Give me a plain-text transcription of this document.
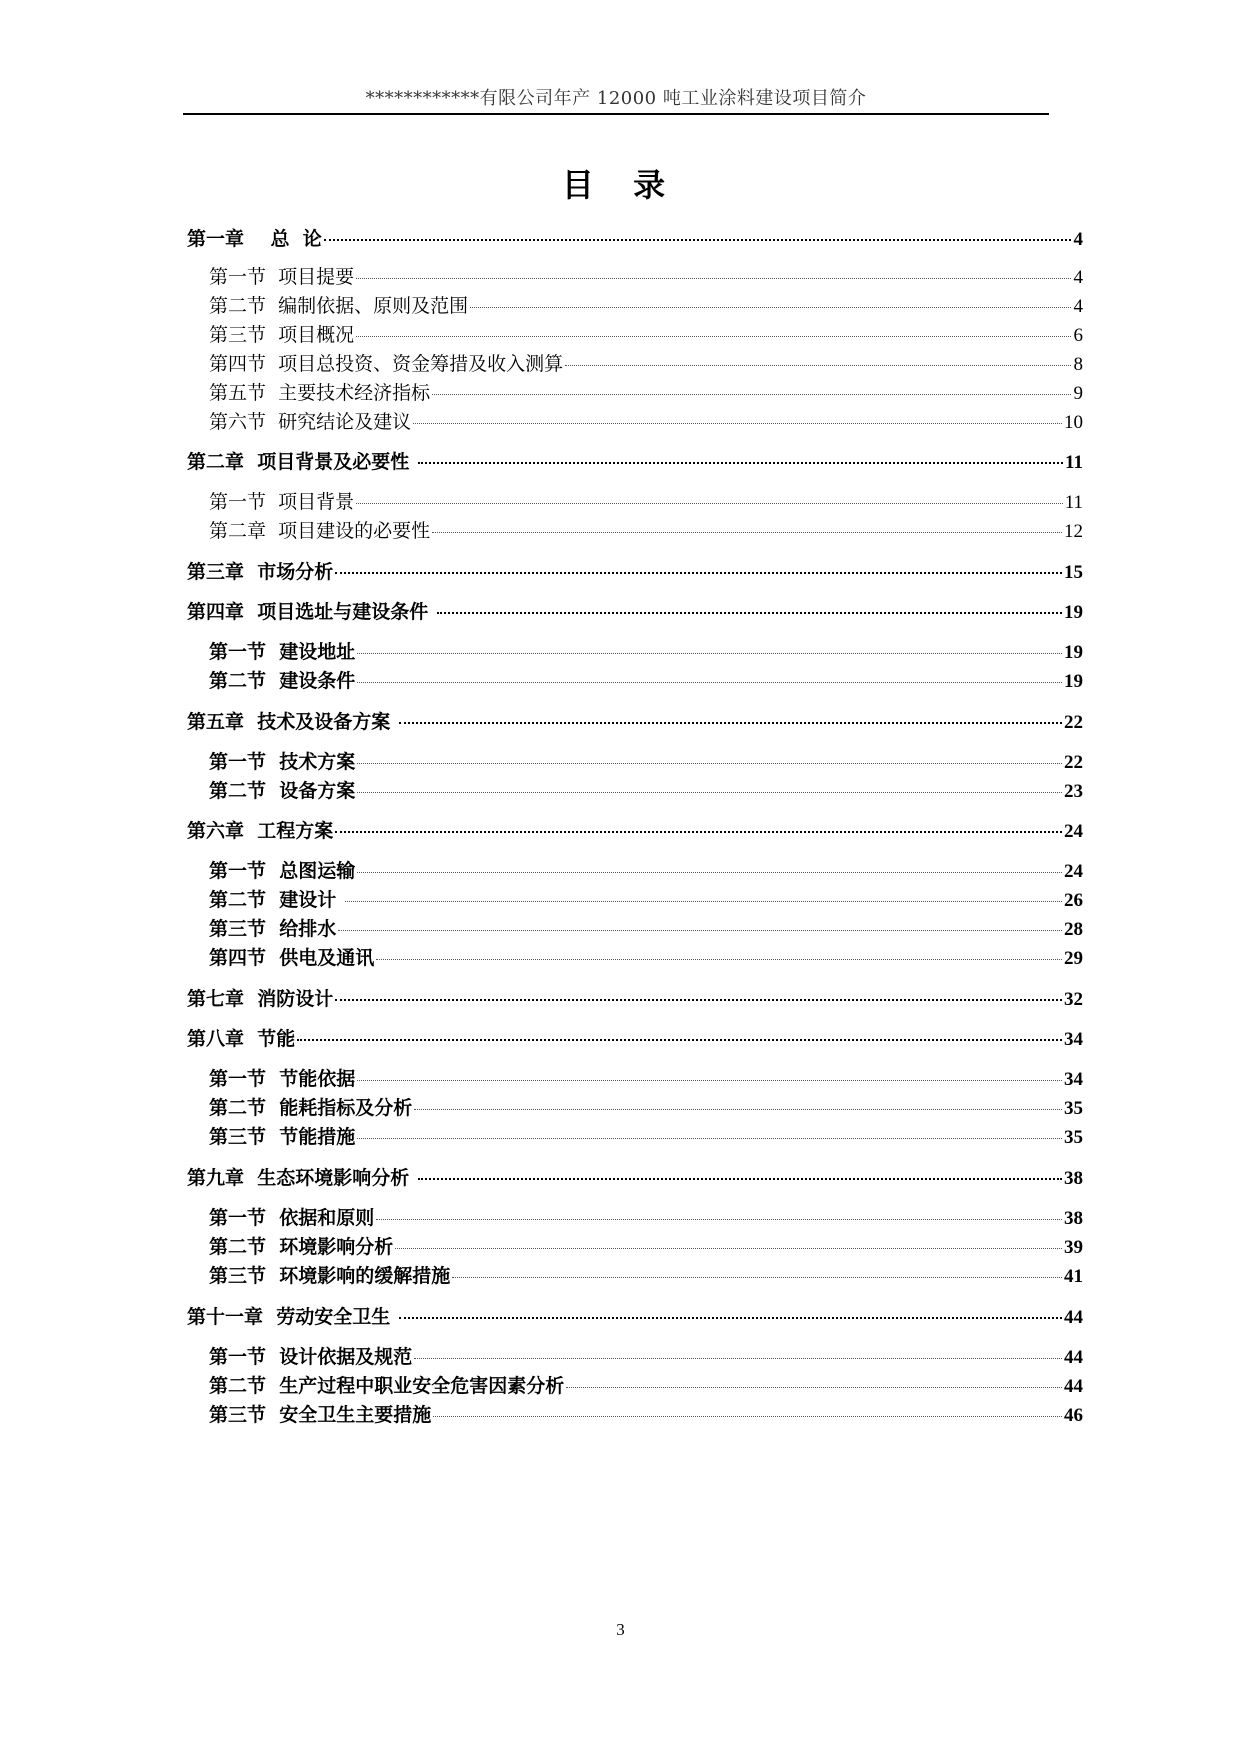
************有限公司年产 12000 吨工业涂料建设项目简介
目 录
第一章    总  论	4
第一节  项目提要	4
第二节  编制依据、原则及范围	4
第三节  项目概况	6
第四节  项目总投资、资金筹措及收入测算	8
第五节  主要技术经济指标	9
第六节  研究结论及建议	10
第二章  项目背景及必要性	11
第一节  项目背景	11
第二章  项目建设的必要性	12
第三章  市场分析	15
第四章  项目选址与建设条件	19
第一节  建设地址	19
第二节  建设条件	19
第五章  技术及设备方案	22
第一节  技术方案	22
第二节  设备方案	23
第六章  工程方案	24
第一节  总图运输	24
第二节  建设计	26
第三节  给排水	28
第四节  供电及通讯	29
第七章  消防设计	32
第八章  节能	34
第一节  节能依据	34
第二节  能耗指标及分析	35
第三节  节能措施	35
第九章  生态环境影响分析	38
第一节  依据和原则	38
第二节  环境影响分析	39
第三节  环境影响的缓解措施	41
第十一章  劳动安全卫生	44
第一节  设计依据及规范	44
第二节  生产过程中职业安全危害因素分析	44
第三节  安全卫生主要措施	46
3
